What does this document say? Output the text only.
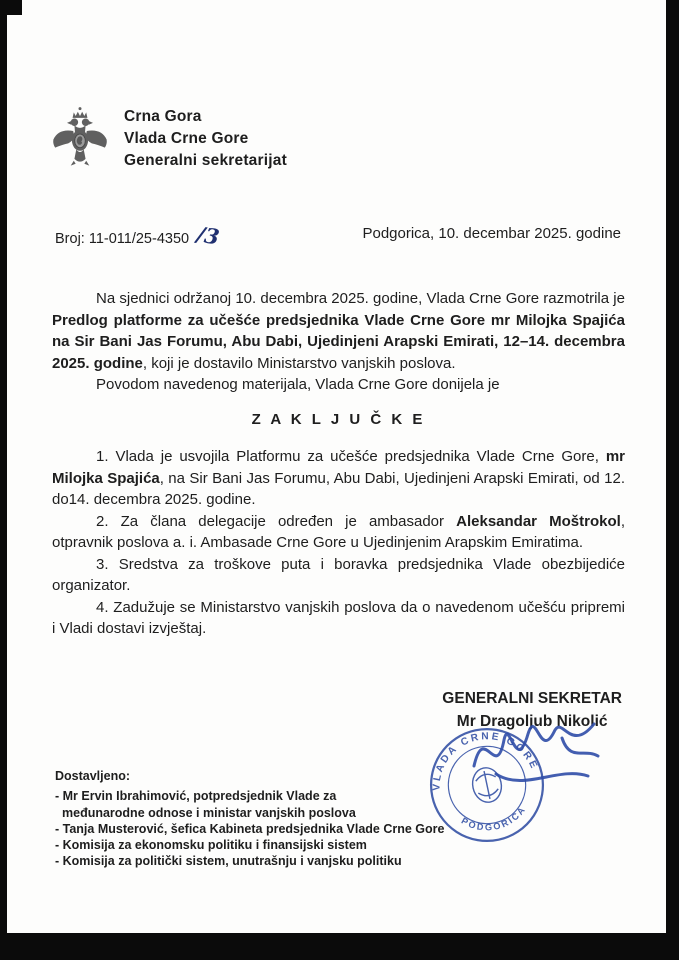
Crna Gora
Vlada Crne Gore
Generalni sekretarijat
Broj: 11-011/25-4350 /3	Podgorica, 10. decembar 2025. godine

Na sjednici održanoj 10. decembra 2025. godine, Vlada Crne Gore razmotrila je Predlog platforme za učešće predsjednika Vlade Crne Gore mr Milojka Spajića na Sir Bani Jas Forumu, Abu Dabi, Ujedinjeni Arapski Emirati, 12–14. decembra 2025. godine, koji je dostavilo Ministarstvo vanjskih poslova.

Povodom navedenog materijala, Vlada Crne Gore donijela je

Z A K L J U Č K E

1. Vlada je usvojila Platformu za učešće predsjednika Vlade Crne Gore, mr Milojka Spajića, na Sir Bani Jas Forumu, Abu Dabi, Ujedinjeni Arapski Emirati, od 12. do14. decembra 2025. godine.

2. Za člana delegacije određen je ambasador Aleksandar Moštrokol, otpravnik poslova a. i. Ambasade Crne Gore u Ujedinjenim Arapskim Emiratima.

3. Sredstva za troškove puta i boravka predsjednika Vlade obezbijediće organizator.

4. Zadužuje se Ministarstvo vanjskih poslova da o navedenom učešću pripremi i Vladi dostavi izvještaj.

GENERALNI SEKRETAR
Mr Dragoljub Nikolić
VLADA CRNE GORE
PODGORICA
Dostavljeno:
- Mr Ervin Ibrahimović, potpredsjednik Vlade za
međunarodne odnose i ministar vanjskih poslova
- Tanja Musterović, šefica Kabineta predsjednika Vlade Crne Gore
- Komisija za ekonomsku politiku i finansijski sistem
- Komisija za politički sistem, unutrašnju i vanjsku politiku
